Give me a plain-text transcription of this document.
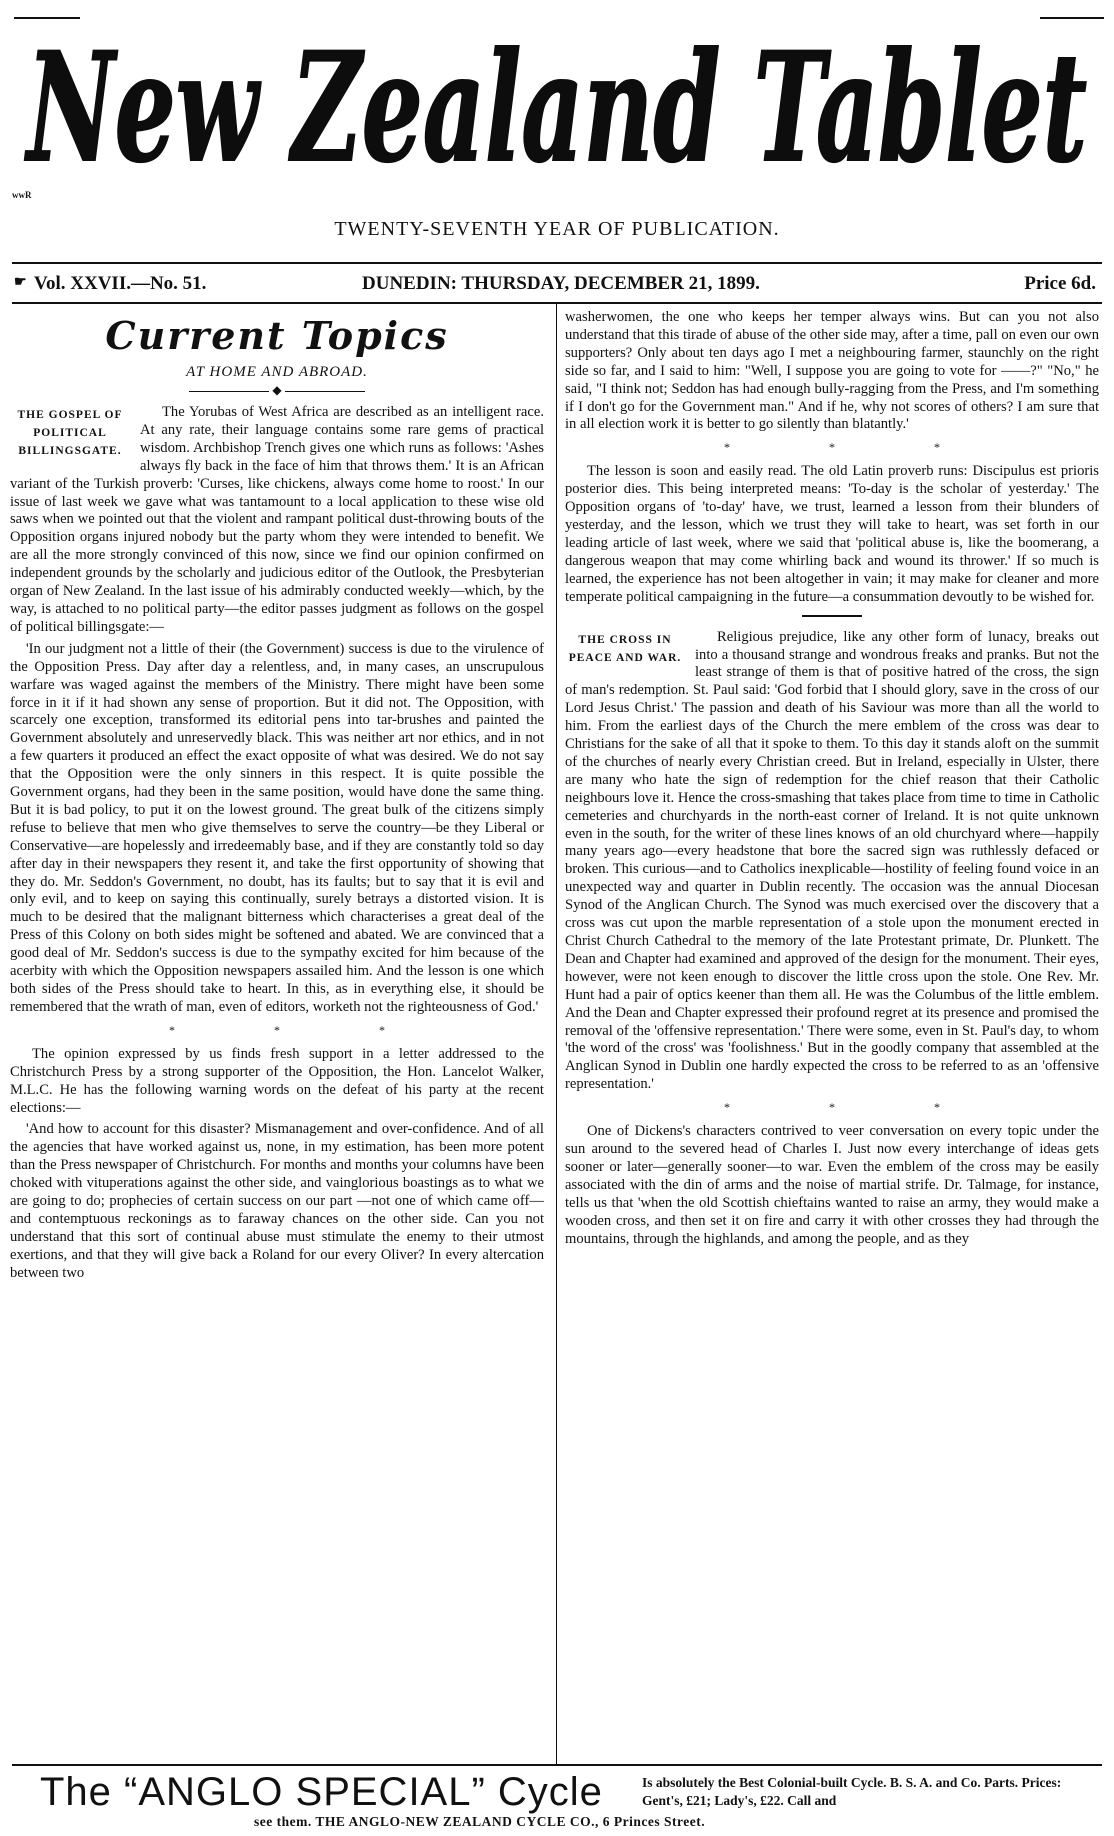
New Zealand Tablet
wwR
TWENTY-SEVENTH YEAR OF PUBLICATION.
☛ Vol. XXVII.—No. 51.	DUNEDIN: THURSDAY, DECEMBER 21, 1899.	Price 6d.
Current Topics
AT HOME AND ABROAD.
◆
THE GOSPEL OF POLITICAL BILLINGSGATE.

The Yorubas of West Africa are described as an intelligent race. At any rate, their language contains some rare gems of practical wisdom. Archbishop Trench gives one which runs as follows: 'Ashes always fly back in the face of him that throws them.' It is an African variant of the Turkish proverb: 'Curses, like chickens, always come home to roost.' In our issue of last week we gave what was tantamount to a local application to these wise old saws when we pointed out that the violent and rampant political dust-throwing bouts of the Opposition organs injured nobody but the party whom they were intended to benefit. We are all the more strongly convinced of this now, since we find our opinion confirmed on independent grounds by the scholarly and judicious editor of the Outlook, the Presbyterian organ of New Zealand. In the last issue of his admirably conducted weekly—which, by the way, is attached to no political party—the editor passes judgment as follows on the gospel of political billingsgate:—

'In our judgment not a little of their (the Government) success is due to the virulence of the Opposition Press. Day after day a relentless, and, in many cases, an unscrupulous warfare was waged against the members of the Ministry. There might have been some force in it if it had shown any sense of proportion. But it did not. The Opposition, with scarcely one exception, transformed its editorial pens into tar-brushes and painted the Government absolutely and unreservedly black. This was neither art nor ethics, and in not a few quarters it produced an effect the exact opposite of what was desired. We do not say that the Opposition were the only sinners in this respect. It is quite possible the Government organs, had they been in the same position, would have done the same thing. But it is bad policy, to put it on the lowest ground. The great bulk of the citizens simply refuse to believe that men who give themselves to serve the country—be they Liberal or Conservative—are hopelessly and irredeemably base, and if they are constantly told so day after day in their newspapers they resent it, and take the first opportunity of showing that they do. Mr. Seddon's Government, no doubt, has its faults; but to say that it is evil and only evil, and to keep on saying this continually, surely betrays a distorted vision. It is much to be desired that the malignant bitterness which characterises a great deal of the Press of this Colony on both sides might be softened and abated. We are convinced that a good deal of Mr. Seddon's success is due to the sympathy excited for him because of the acerbity with which the Opposition newspapers assailed him. And the lesson is one which both sides of the Press should take to heart. In this, as in everything else, it should be remembered that the wrath of man, even of editors, worketh not the righteousness of God.'

* * *

The opinion expressed by us finds fresh support in a letter addressed to the Christchurch Press by a strong supporter of the Opposition, the Hon. Lancelot Walker, M.L.C. He has the following warning words on the defeat of his party at the recent elections:—

'And how to account for this disaster? Mismanagement and over-confidence. And of all the agencies that have worked against us, none, in my estimation, has been more potent than the Press newspaper of Christchurch. For months and months your columns have been choked with vituperations against the other side, and vainglorious boastings as to what we are going to do; prophecies of certain success on our part —not one of which came off—and contemptuous reckonings as to faraway chances on the other side. Can you not understand that this sort of continual abuse must stimulate the enemy to their utmost exertions, and that they will give back a Roland for our every Oliver? In every altercation between two

washerwomen, the one who keeps her temper always wins. But can you not also understand that this tirade of abuse of the other side may, after a time, pall on even our own supporters? Only about ten days ago I met a neighbouring farmer, staunchly on the right side so far, and I said to him: "Well, I suppose you are going to vote for ——?" "No," he said, "I think not; Seddon has had enough bully-ragging from the Press, and I'm something if I don't go for the Government man." And if he, why not scores of others? I am sure that in all election work it is better to go silently than blatantly.'

* * *

The lesson is soon and easily read. The old Latin proverb runs: Discipulus est prioris posterior dies. This being interpreted means: 'To-day is the scholar of yesterday.' The Opposition organs of 'to-day' have, we trust, learned a lesson from their blunders of yesterday, and the lesson, which we trust they will take to heart, was set forth in our leading article of last week, where we said that 'political abuse is, like the boomerang, a dangerous weapon that may come whirling back and wound its thrower.' If so much is learned, the experience has not been altogether in vain; it may make for cleaner and more temperate political campaigning in the future—a consummation devoutly to be wished for.

THE CROSS IN PEACE AND WAR.

Religious prejudice, like any other form of lunacy, breaks out into a thousand strange and wondrous freaks and pranks. But not the least strange of them is that of positive hatred of the cross, the sign of man's redemption. St. Paul said: 'God forbid that I should glory, save in the cross of our Lord Jesus Christ.' The passion and death of his Saviour was more than all the world to him. From the earliest days of the Church the mere emblem of the cross was dear to Christians for the sake of all that it spoke to them. To this day it stands aloft on the summit of the churches of nearly every Christian creed. But in Ireland, especially in Ulster, there are many who hate the sign of redemption for the chief reason that their Catholic neighbours love it. Hence the cross-smashing that takes place from time to time in Catholic cemeteries and churchyards in the north-east corner of Ireland. It is not quite unknown even in the south, for the writer of these lines knows of an old churchyard where—happily many years ago—every headstone that bore the sacred sign was ruthlessly defaced or broken. This curious—and to Catholics inexplicable—hostility of feeling found voice in an unexpected way and quarter in Dublin recently. The occasion was the annual Diocesan Synod of the Anglican Church. The Synod was much exercised over the discovery that a cross was cut upon the marble representation of a stole upon the monument erected in Christ Church Cathedral to the memory of the late Protestant primate, Dr. Plunkett. The Dean and Chapter had examined and approved of the design for the monument. Their eyes, however, were not keen enough to discover the little cross upon the stole. One Rev. Mr. Hunt had a pair of optics keener than them all. He was the Columbus of the little emblem. And the Dean and Chapter expressed their profound regret at its presence and promised the removal of the 'offensive representation.' There were some, even in St. Paul's day, to whom 'the word of the cross' was 'foolishness.' But in the goodly company that assembled at the Anglican Synod in Dublin one hardly expected the cross to be referred to as an 'offensive representation.'

* * *

One of Dickens's characters contrived to veer conversation on every topic under the sun around to the severed head of Charles I. Just now every interchange of ideas gets sooner or later—generally sooner—to war. Even the emblem of the cross may be easily associated with the din of arms and the noise of martial strife. Dr. Talmage, for instance, tells us that 'when the old Scottish chieftains wanted to raise an army, they would make a wooden cross, and then set it on fire and carry it with other crosses they had through the mountains, through the highlands, and among the people, and as they

The “ANGLO SPECIAL” Cycle	Is absolutely the Best Colonial-built Cycle. B. S. A. and Co. Parts. Prices: Gent's, £21; Lady's, £22. Call and
see them. THE ANGLO-NEW ZEALAND CYCLE CO., 6 Princes Street.
